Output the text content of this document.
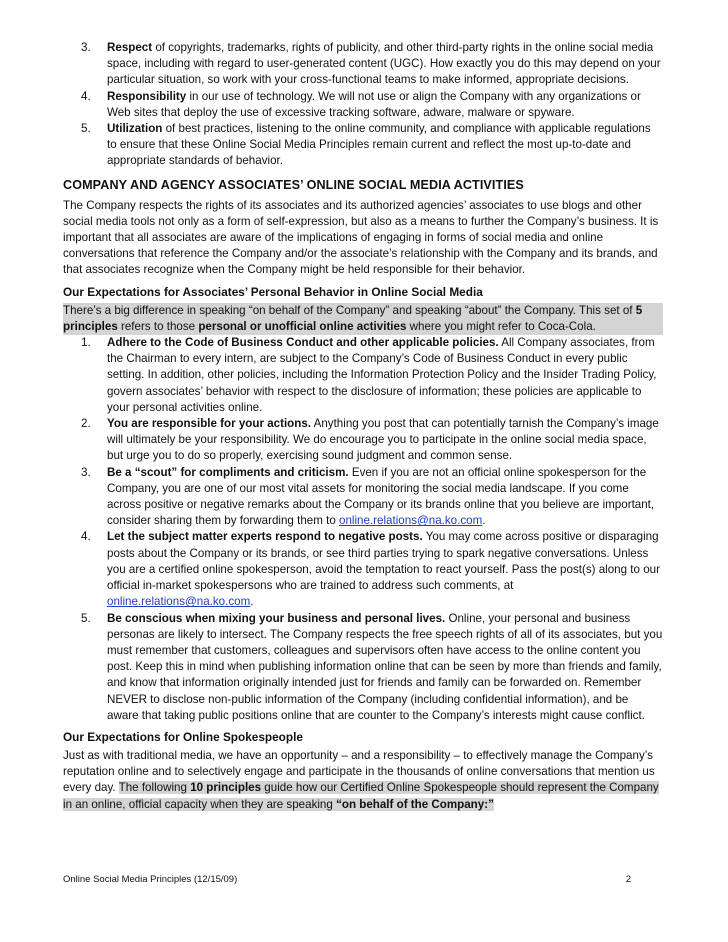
3. Respect of copyrights, trademarks, rights of publicity, and other third-party rights in the online social media space, including with regard to user-generated content (UGC). How exactly you do this may depend on your particular situation, so work with your cross-functional teams to make informed, appropriate decisions.
4. Responsibility in our use of technology. We will not use or align the Company with any organizations or Web sites that deploy the use of excessive tracking software, adware, malware or spyware.
5. Utilization of best practices, listening to the online community, and compliance with applicable regulations to ensure that these Online Social Media Principles remain current and reflect the most up-to-date and appropriate standards of behavior.
COMPANY AND AGENCY ASSOCIATES’ ONLINE SOCIAL MEDIA ACTIVITIES

The Company respects the rights of its associates and its authorized agencies’ associates to use blogs and other social media tools not only as a form of self-expression, but also as a means to further the Company’s business. It is important that all associates are aware of the implications of engaging in forms of social media and online conversations that reference the Company and/or the associate’s relationship with the Company and its brands, and that associates recognize when the Company might be held responsible for their behavior.

Our Expectations for Associates’ Personal Behavior in Online Social Media

There’s a big difference in speaking “on behalf of the Company” and speaking “about” the Company. This set of 5 principles refers to those personal or unofficial online activities where you might refer to Coca-Cola.

1. Adhere to the Code of Business Conduct and other applicable policies. All Company associates, from the Chairman to every intern, are subject to the Company’s Code of Business Conduct in every public setting. In addition, other policies, including the Information Protection Policy and the Insider Trading Policy, govern associates’ behavior with respect to the disclosure of information; these policies are applicable to your personal activities online.
2. You are responsible for your actions. Anything you post that can potentially tarnish the Company’s image will ultimately be your responsibility. We do encourage you to participate in the online social media space, but urge you to do so properly, exercising sound judgment and common sense.
3. Be a “scout” for compliments and criticism. Even if you are not an official online spokesperson for the Company, you are one of our most vital assets for monitoring the social media landscape. If you come across positive or negative remarks about the Company or its brands online that you believe are important, consider sharing them by forwarding them to online.relations@na.ko.com.
4. Let the subject matter experts respond to negative posts. You may come across positive or disparaging posts about the Company or its brands, or see third parties trying to spark negative conversations. Unless you are a certified online spokesperson, avoid the temptation to react yourself. Pass the post(s) along to our official in-market spokespersons who are trained to address such comments, at online.relations@na.ko.com.
5. Be conscious when mixing your business and personal lives. Online, your personal and business personas are likely to intersect. The Company respects the free speech rights of all of its associates, but you must remember that customers, colleagues and supervisors often have access to the online content you post. Keep this in mind when publishing information online that can be seen by more than friends and family, and know that information originally intended just for friends and family can be forwarded on. Remember NEVER to disclose non-public information of the Company (including confidential information), and be aware that taking public positions online that are counter to the Company’s interests might cause conflict.
Our Expectations for Online Spokespeople

Just as with traditional media, we have an opportunity – and a responsibility – to effectively manage the Company’s reputation online and to selectively engage and participate in the thousands of online conversations that mention us every day. The following 10 principles guide how our Certified Online Spokespeople should represent the Company in an online, official capacity when they are speaking “on behalf of the Company:”

Online Social Media Principles (12/15/09)	2
